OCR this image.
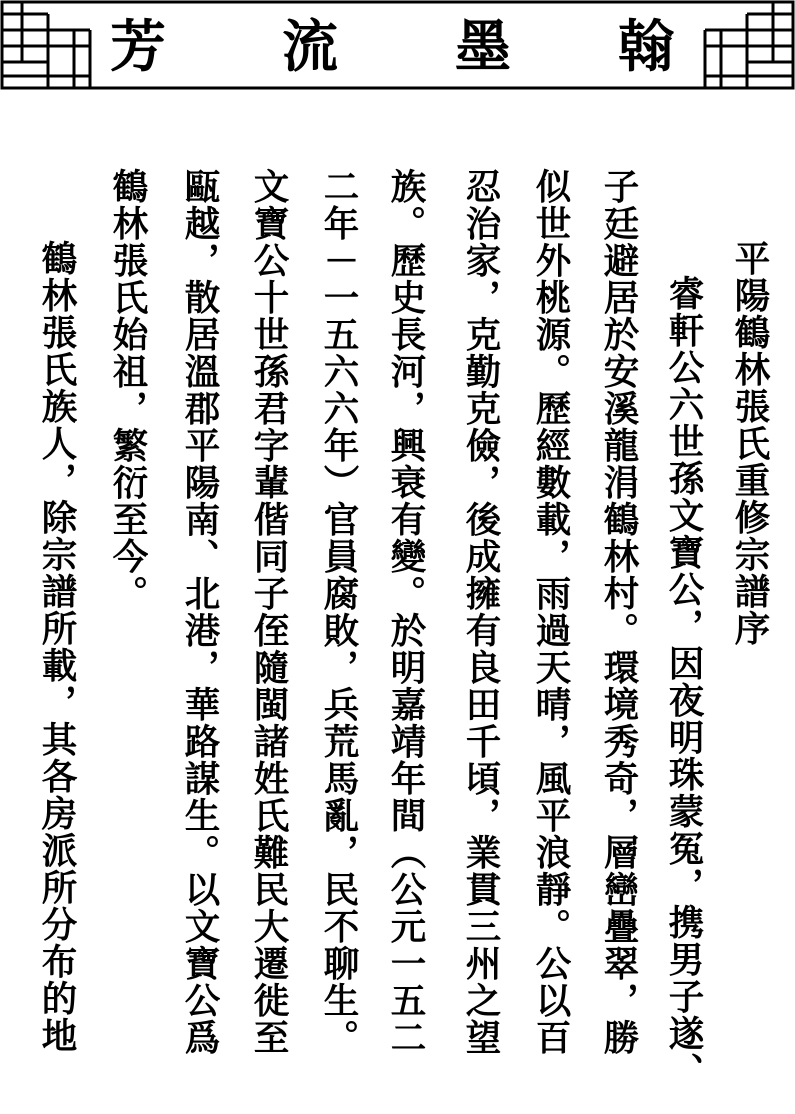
翰
墨
流
芳
平陽鶴林張氏重修宗譜序
睿軒公六世孫文寶公，因夜明珠蒙冤，携男子遂、
子廷避居於安溪龍涓鶴林村。環境秀奇，層巒疊翠，勝
似世外桃源。歷經數載，雨過天晴，風平浪靜。公以百
忍治家，克勤克儉，後成擁有良田千頃，業貫三州之望
族。歷史長河，興衰有變。於明嘉靖年間（公元一五二
二年－一五六六年）官員腐敗，兵荒馬亂，民不聊生。
文寶公十世孫君字輩偕同子侄隨閩諸姓氏難民大遷徙至
甌越，散居溫郡平陽南、北港，華路謀生。以文寶公爲
鶴林張氏始祖，繁衍至今。
鶴林張氏族人，除宗譜所載，其各房派所分布的地
